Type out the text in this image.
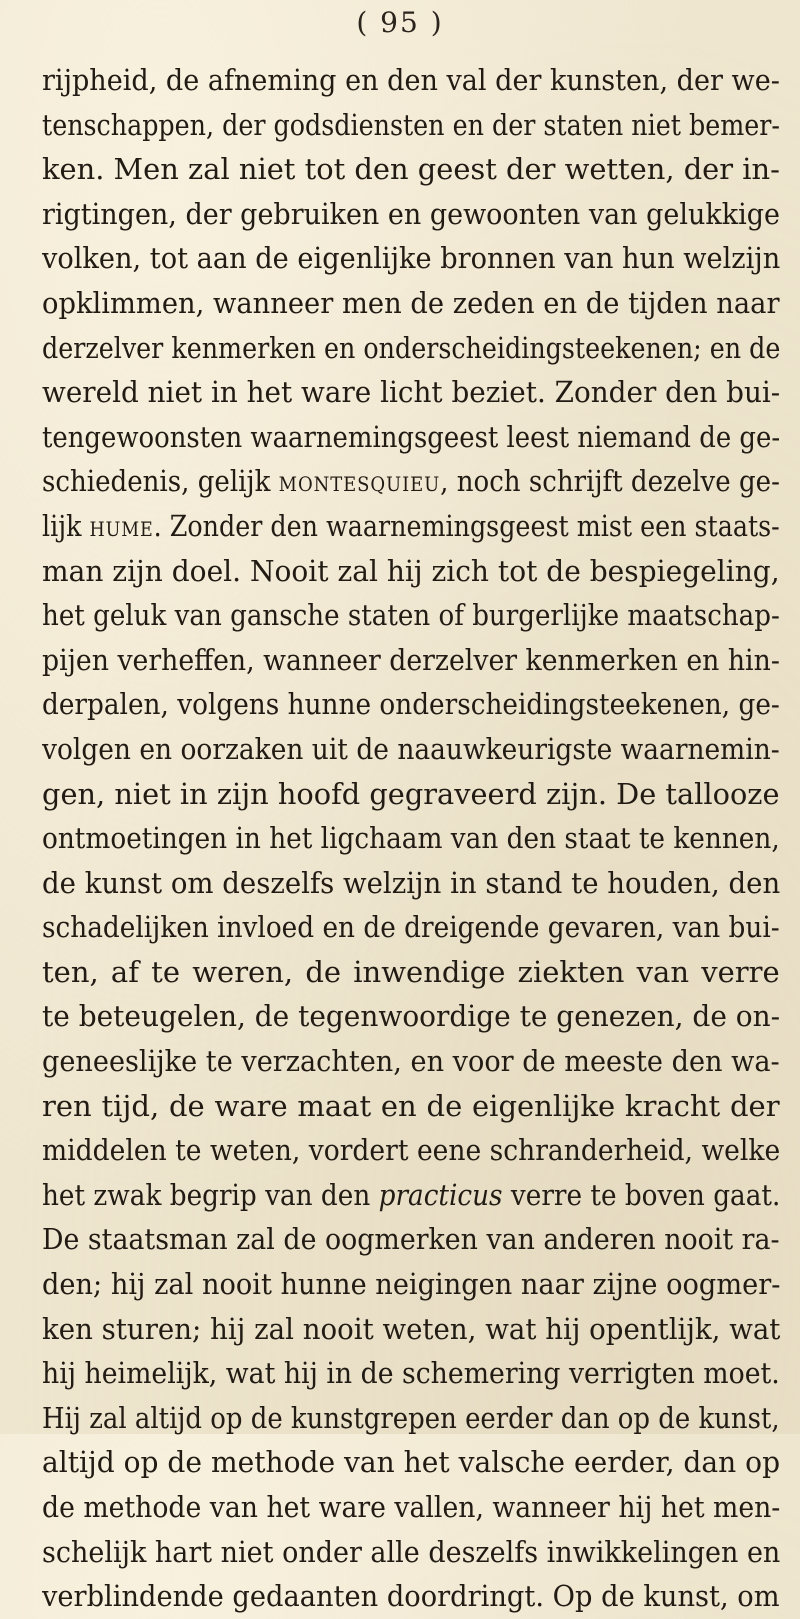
( 95 )
rijpheid, de afneming en den val der kunsten, der we-
tenschappen, der godsdiensten en der staten niet bemer-
ken. Men zal niet tot den geest der wetten, der in-
rigtingen, der gebruiken en gewoonten van gelukkige
volken, tot aan de eigenlijke bronnen van hun welzijn
opklimmen, wanneer men de zeden en de tijden naar
derzelver kenmerken en onderscheidingsteekenen; en de
wereld niet in het ware licht beziet. Zonder den bui-
tengewoonsten waarnemingsgeest leest niemand de ge-
schiedenis, gelijk montesquieu, noch schrijft dezelve ge-
lijk hume. Zonder den waarnemingsgeest mist een staats-
man zijn doel. Nooit zal hij zich tot de bespiegeling,
het geluk van gansche staten of burgerlijke maatschap-
pijen verheffen, wanneer derzelver kenmerken en hin-
derpalen, volgens hunne onderscheidingsteekenen, ge-
volgen en oorzaken uit de naauwkeurigste waarnemin-
gen, niet in zijn hoofd gegraveerd zijn. De tallooze
ontmoetingen in het ligchaam van den staat te kennen,
de kunst om deszelfs welzijn in stand te houden, den
schadelijken invloed en de dreigende gevaren, van bui-
ten, af te weren, de inwendige ziekten van verre
te beteugelen, de tegenwoordige te genezen, de on-
geneeslijke te verzachten, en voor de meeste den wa-
ren tijd, de ware maat en de eigenlijke kracht der
middelen te weten, vordert eene schranderheid, welke
het zwak begrip van den practicus verre te boven gaat.
De staatsman zal de oogmerken van anderen nooit ra-
den; hij zal nooit hunne neigingen naar zijne oogmer-
ken sturen; hij zal nooit weten, wat hij opentlijk, wat
hij heimelijk, wat hij in de schemering verrigten moet.
Hij zal altijd op de kunstgrepen eerder dan op de kunst,
altijd op de methode van het valsche eerder, dan op
de methode van het ware vallen, wanneer hij het men-
schelijk hart niet onder alle deszelfs inwikkelingen en
verblindende gedaanten doordringt. Op de kunst, om
